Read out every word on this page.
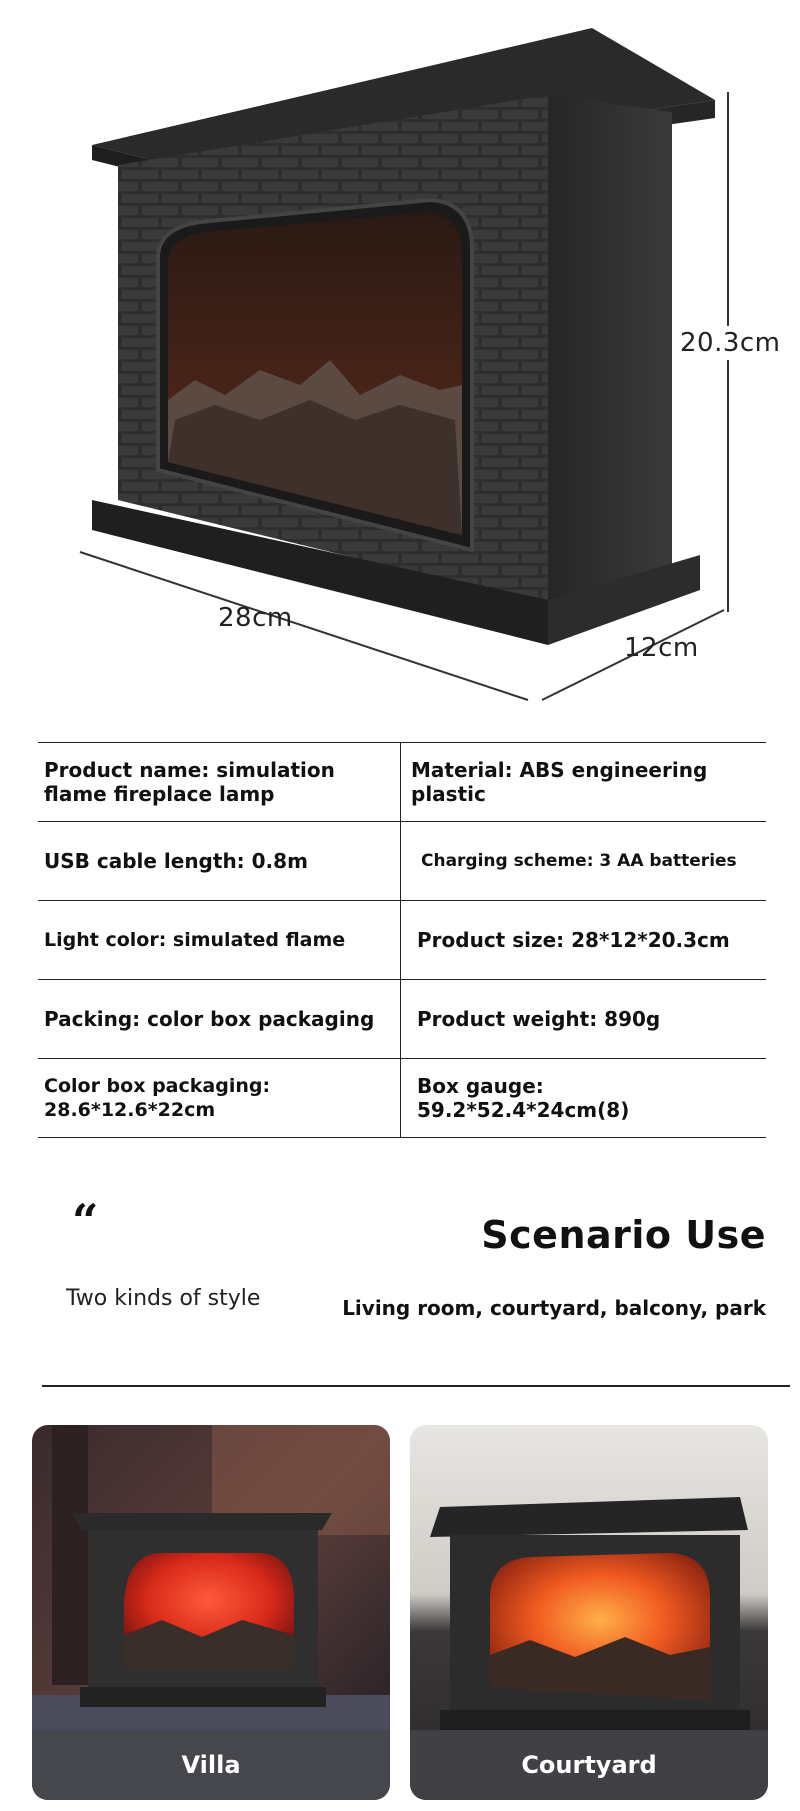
20.3cm
28cm
12cm
Product name: simulation flame fireplace lamp	Material: ABS engineering plastic
USB cable length: 0.8m	Charging scheme: 3 AA batteries
Light color: simulated flame	Product size: 28*12*20.3cm
Packing: color box packaging	Product weight: 890g
Color box packaging: 28.6*12.6*22cm	Box gauge: 59.2*52.4*24cm(8)
“
Two kinds of style
Scenario Use
Living room, courtyard, balcony, park
Villa	Courtyard
